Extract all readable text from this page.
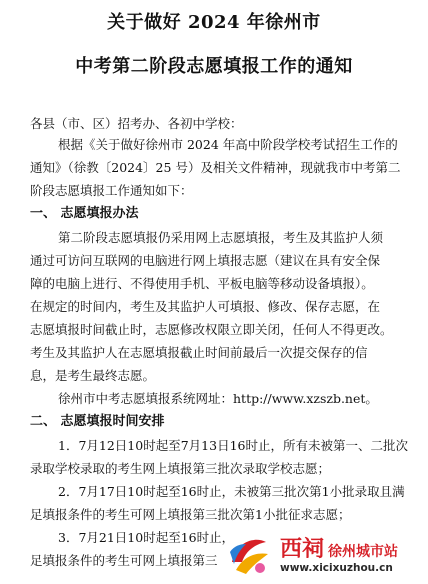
关于做好 2024 年徐州市
中考第二阶段志愿填报工作的通知
各县（市、区）招考办、各初中学校：
根据《关于做好徐州市 2024 年高中阶段学校考试招生工作的
通知》（徐教〔2024〕25 号）及相关文件精神，现就我市中考第二
阶段志愿填报工作通知如下：
一、 志愿填报办法
第二阶段志愿填报仍采用网上志愿填报，考生及其监护人须
通过可访问互联网的电脑进行网上填报志愿（建议在具有安全保
障的电脑上进行、不得使用手机、平板电脑等移动设备填报）。
在规定的时间内，考生及其监护人可填报、修改、保存志愿，在
志愿填报时间截止时，志愿修改权限立即关闭，任何人不得更改。
考生及其监护人在志愿填报截止时间前最后一次提交保存的信
息，是考生最终志愿。
徐州市中考志愿填报系统网址：http://www.xzszb.net。
二、 志愿填报时间安排
1．7月12日10时起至7月13日16时止，所有未被第一、二批次
录取学校录取的考生网上填报第三批次录取学校志愿；
2．7月17日10时起至16时止，未被第三批次第1小批录取且满
足填报条件的考生可网上填报第三批次第1小批征求志愿；
3．7月21日10时起至16时止，
足填报条件的考生可网上填报第三	西祠 徐州城市站
www.xicixuzhou.cn
